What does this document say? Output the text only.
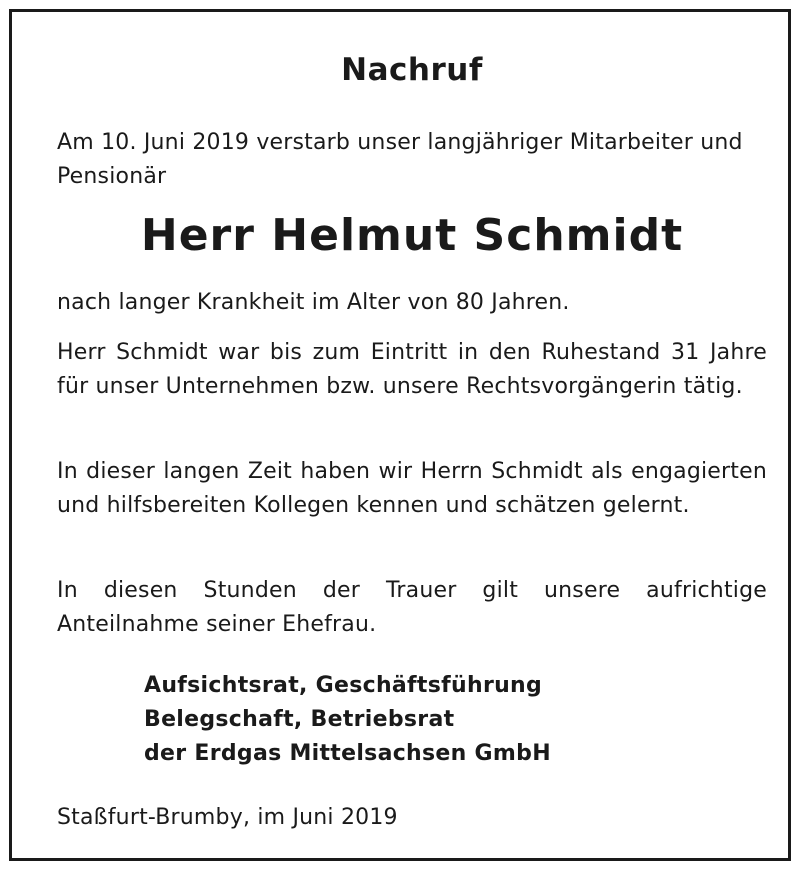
Nachruf
Am 10. Juni 2019 verstarb unser langjähriger Mitarbeiter und Pensionär
Herr Helmut Schmidt
nach langer Krankheit im Alter von 80 Jahren.
Herr Schmidt war bis zum Eintritt in den Ruhestand 31 Jahre für unser Unternehmen bzw. unsere Rechtsvorgängerin tätig.
In dieser langen Zeit haben wir Herrn Schmidt als engagierten und hilfsbereiten Kollegen kennen und schätzen gelernt.
In diesen Stunden der Trauer gilt unsere aufrichtige Anteilnahme seiner Ehefrau.
Aufsichtsrat, Geschäftsführung
Belegschaft, Betriebsrat
der Erdgas Mittelsachsen GmbH
Staßfurt-Brumby, im Juni 2019
